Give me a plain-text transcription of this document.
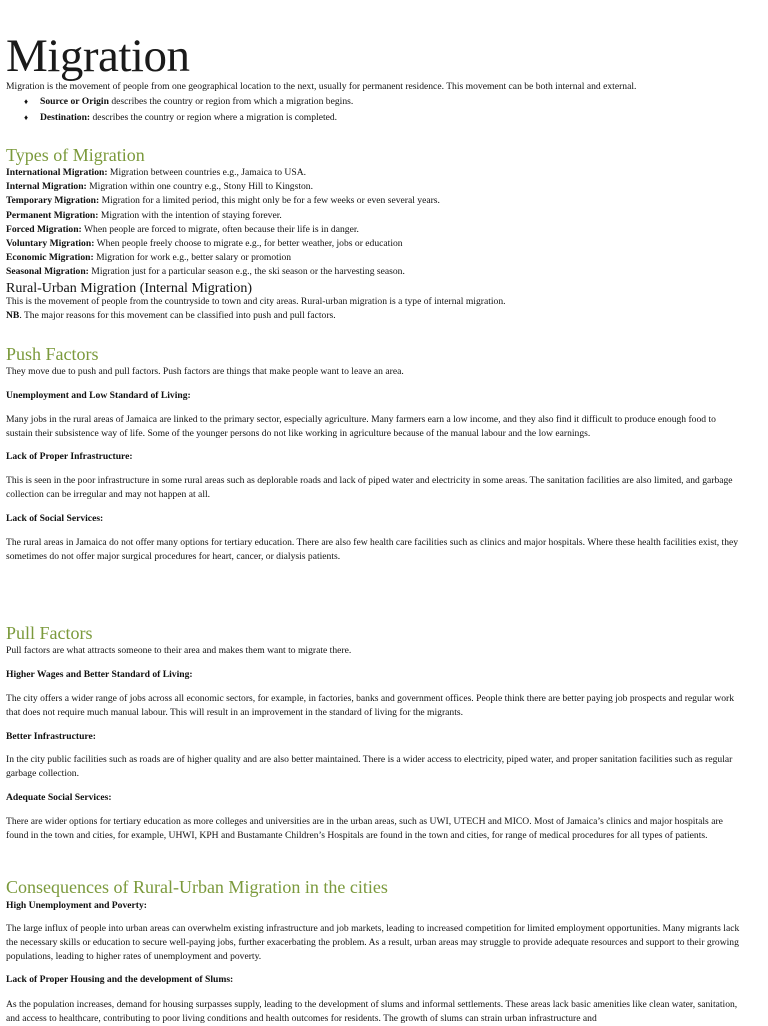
Migration

Migration is the movement of people from one geographical location to the next, usually for permanent residence. This movement can be both internal and external.

♦ Source or Origin describes the country or region from which a migration begins.
♦ Destination: describes the country or region where a migration is completed.
Types of Migration
International Migration: Migration between countries e.g., Jamaica to USA.
Internal Migration: Migration within one country e.g., Stony Hill to Kingston.
Temporary Migration: Migration for a limited period, this might only be for a few weeks or even several years.
Permanent Migration: Migration with the intention of staying forever.
Forced Migration: When people are forced to migrate, often because their life is in danger.
Voluntary Migration: When people freely choose to migrate e.g., for better weather, jobs or education
Economic Migration: Migration for work e.g., better salary or promotion
Seasonal Migration: Migration just for a particular season e.g., the ski season or the harvesting season.
Rural-Urban Migration (Internal Migration)

This is the movement of people from the countryside to town and city areas. Rural-urban migration is a type of internal migration.

NB. The major reasons for this movement can be classified into push and pull factors.

Push Factors

They move due to push and pull factors. Push factors are things that make people want to leave an area.

Unemployment and Low Standard of Living:

Many jobs in the rural areas of Jamaica are linked to the primary sector, especially agriculture. Many farmers earn a low income, and they also find it difficult to produce enough food to sustain their subsistence way of life. Some of the younger persons do not like working in agriculture because of the manual labour and the low earnings.

Lack of Proper Infrastructure:

This is seen in the poor infrastructure in some rural areas such as deplorable roads and lack of piped water and electricity in some areas. The sanitation facilities are also limited, and garbage collection can be irregular and may not happen at all.

Lack of Social Services:

The rural areas in Jamaica do not offer many options for tertiary education. There are also few health care facilities such as clinics and major hospitals. Where these health facilities exist, they sometimes do not offer major surgical procedures for heart, cancer, or dialysis patients.

Pull Factors

Pull factors are what attracts someone to their area and makes them want to migrate there.

Higher Wages and Better Standard of Living:

The city offers a wider range of jobs across all economic sectors, for example, in factories, banks and government offices. People think there are better paying job prospects and regular work that does not require much manual labour. This will result in an improvement in the standard of living for the migrants.

Better Infrastructure:

In the city public facilities such as roads are of higher quality and are also better maintained. There is a wider access to electricity, piped water, and proper sanitation facilities such as regular garbage collection.

Adequate Social Services:

There are wider options for tertiary education as more colleges and universities are in the urban areas, such as UWI, UTECH and MICO. Most of Jamaica’s clinics and major hospitals are found in the town and cities, for example, UHWI, KPH and Bustamante Children’s Hospitals are found in the town and cities, for range of medical procedures for all types of patients.

Consequences of Rural-Urban Migration in the cities

High Unemployment and Poverty:

The large influx of people into urban areas can overwhelm existing infrastructure and job markets, leading to increased competition for limited employment opportunities. Many migrants lack the necessary skills or education to secure well-paying jobs, further exacerbating the problem. As a result, urban areas may struggle to provide adequate resources and support to their growing populations, leading to higher rates of unemployment and poverty.

Lack of Proper Housing and the development of Slums:

As the population increases, demand for housing surpasses supply, leading to the development of slums and informal settlements. These areas lack basic amenities like clean water, sanitation, and access to healthcare, contributing to poor living conditions and health outcomes for residents. The growth of slums can strain urban infrastructure and
